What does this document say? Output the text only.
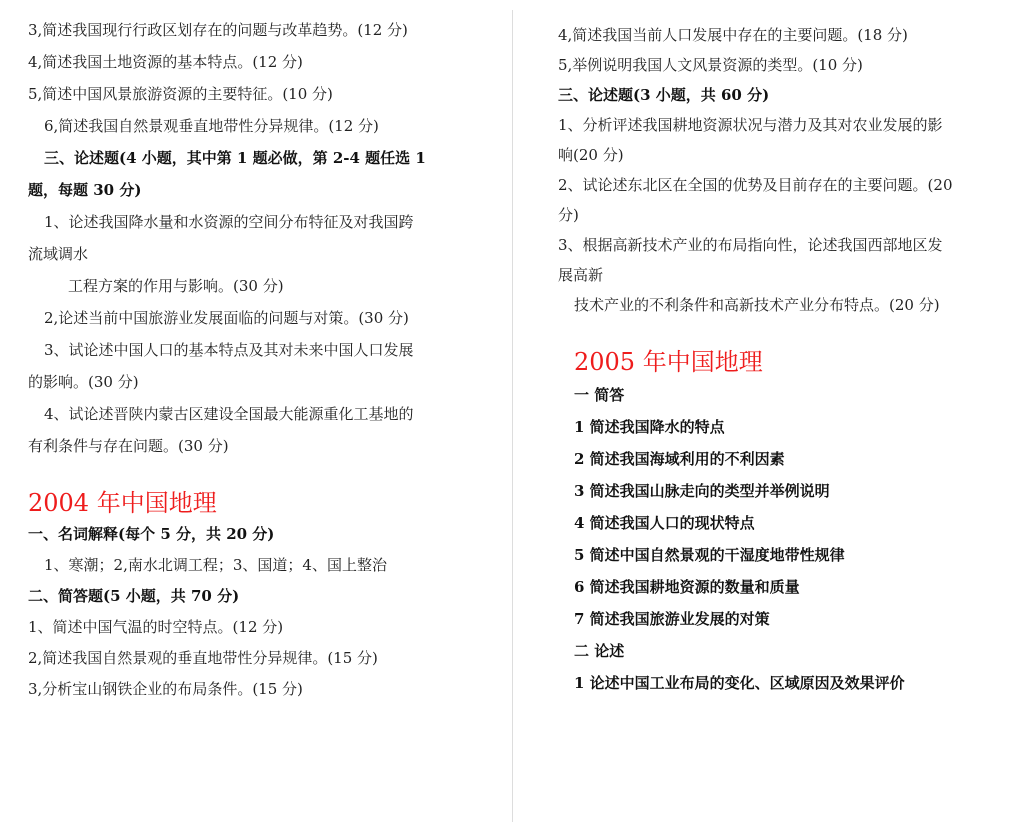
3,简述我国现行行政区划存在的问题与改革趋势。(12 分)
4,简述我国土地资源的基本特点。(12 分)
5,简述中国风景旅游资源的主要特征。(10 分)
6,简述我国自然景观垂直地带性分异规律。(12 分)
三、论述题(4 小题，其中第 1 题必做，第 2-4 题任选 1
题，每题 30 分)
1、论述我国降水量和水资源的空间分布特征及对我国跨
流域调水
工程方案的作用与影响。(30 分)
2,论述当前中国旅游业发展面临的问题与对策。(30 分)
3、试论述中国人口的基本特点及其对未来中国人口发展
的影响。(30 分)
4、试论述晋陕内蒙古区建设全国最大能源重化工基地的
有利条件与存在问题。(30 分)
2004 年中国地理
一、名词解释(每个 5 分，共 20 分)
1、寒潮；2,南水北调工程；3、国道；4、国上整治
二、简答题(5 小题，共 70 分)
1、简述中国气温的时空特点。(12 分)
2,简述我国自然景观的垂直地带性分异规律。(15 分)
3,分析宝山钢铁企业的布局条件。(15 分)
4,简述我国当前人口发展中存在的主要问题。(18 分)
5,举例说明我国人文风景资源的类型。(10 分)
三、论述题(3 小题，共 60 分)
1、分析评述我国耕地资源状况与潜力及其对农业发展的影
响(20 分)
2、试论述东北区在全国的优势及目前存在的主要问题。(20
分)
3、根据高新技术产业的布局指向性，论述我国西部地区发
展高新
技术产业的不利条件和高新技术产业分布特点。(20 分)
2005 年中国地理
一 简答
1 简述我国降水的特点
2 简述我国海域利用的不利因素
3 简述我国山脉走向的类型并举例说明
4 简述我国人口的现状特点
5 简述中国自然景观的干湿度地带性规律
6 简述我国耕地资源的数量和质量
7 简述我国旅游业发展的对策
二 论述
1 论述中国工业布局的变化、区域原因及效果评价
